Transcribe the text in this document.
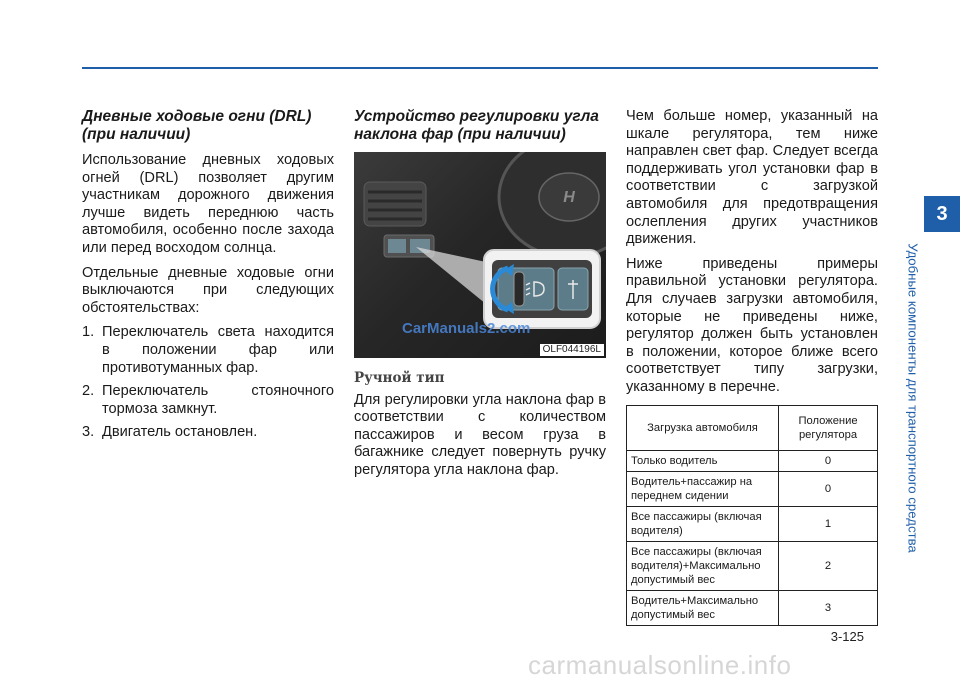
Дневные ходовые огни (DRL) (при наличии)

Использование дневных ходовых огней (DRL) позволяет другим участникам дорожного движения лучше видеть переднюю часть автомобиля, особенно после захода или перед восходом солнца.

Отдельные дневные ходовые огни выключаются при следующих обстоятельствах:

1. Переключатель света находится в положении фар или противотуманных фар.
2. Переключатель стояночного тормоза замкнут.
3. Двигатель остановлен.
Устройство регулировки угла наклона фар (при наличии)
H
CarManuals2.com
OLF044196L
Ручной тип

Для регулировки угла наклона фар в соответствии с количеством пассажиров и весом груза в багажнике следует повернуть ручку регулятора угла наклона фар.

Чем больше номер, указанный на шкале регулятора, тем ниже направлен свет фар. Следует всегда поддерживать угол установки фар в соответствии с загрузкой автомобиля для предотвращения ослепления других участников движения.

Ниже приведены примеры правильной установки регулятора. Для случаев загрузки автомобиля, которые не приведены ниже, регулятор должен быть установлен в положении, которое ближе всего соответствует типу загрузки, указанному в перечне.

Загрузка автомобиля	Положение регулятора
Только водитель	0
Водитель+пассажир на переднем сидении	0
Все пассажиры (включая водителя)	1
Все пассажиры (включая водителя)+Максимально допустимый вес	2
Водитель+Максимально допустимый вес	3
3
Удобные компоненты для транспортного средства
3-125
carmanualsonline.info
